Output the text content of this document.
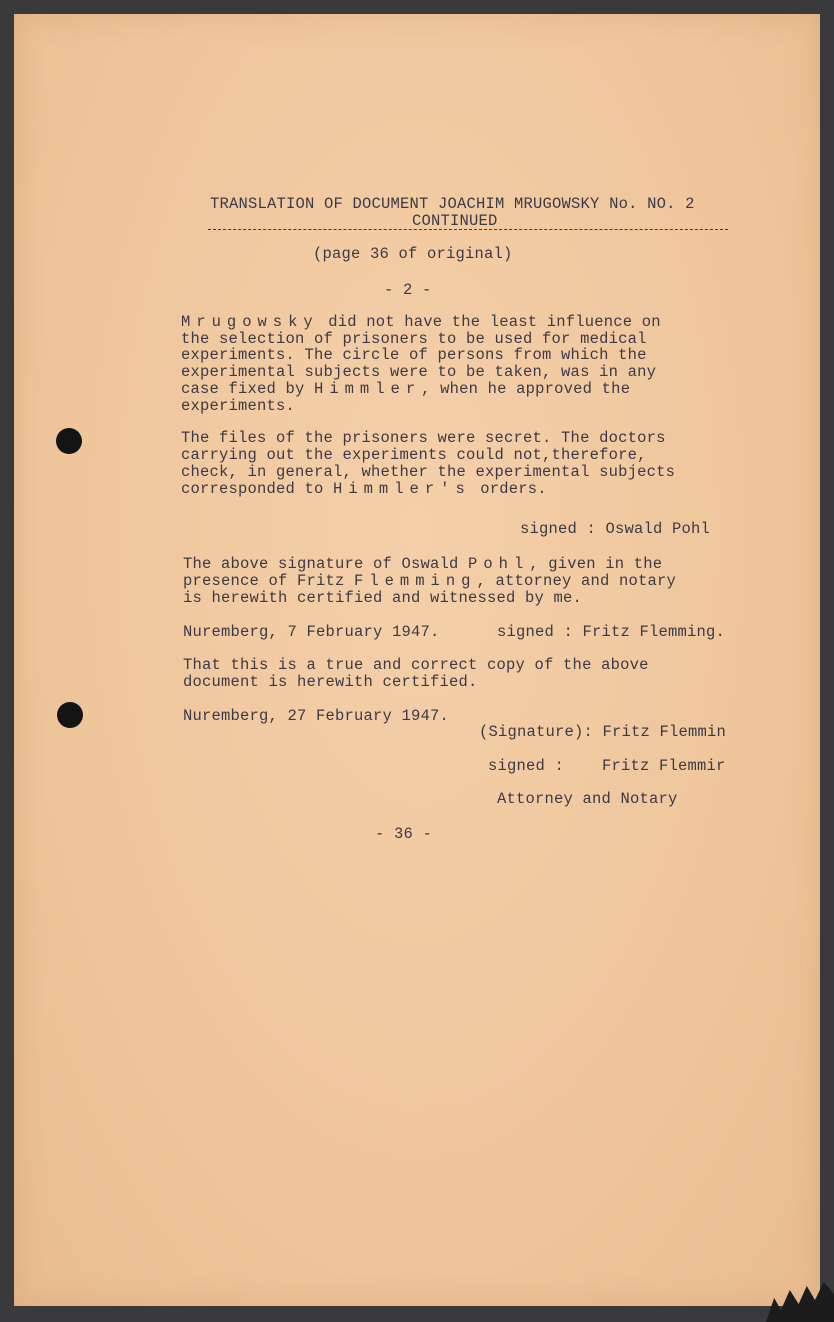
TRANSLATION OF DOCUMENT JOACHIM MRUGOWSKY No. NO. 2
CONTINUED
(page 36 of original)
- 2 -
Mrugowsky did not have the least influence on
the selection of prisoners to be used for medical
experiments. The circle of persons from which the
experimental subjects were to be taken, was in any
case fixed by Himmler, when he approved the
experiments.
The files of the prisoners were secret. The doctors
carrying out the experiments could not,therefore,
check, in general, whether the experimental subjects
corresponded to Himmler's orders.
signed : Oswald Pohl
The above signature of Oswald Pohl, given in the
presence of Fritz Flemming, attorney and notary
is herewith certified and witnessed by me.
Nuremberg, 7 February 1947.	signed : Fritz Flemming.
That this is a true and correct copy of the above
document is herewith certified.
Nuremberg, 27 February 1947.
(Signature): Fritz Flemmin
signed :    Fritz Flemmir
Attorney and Notary
- 36 -
